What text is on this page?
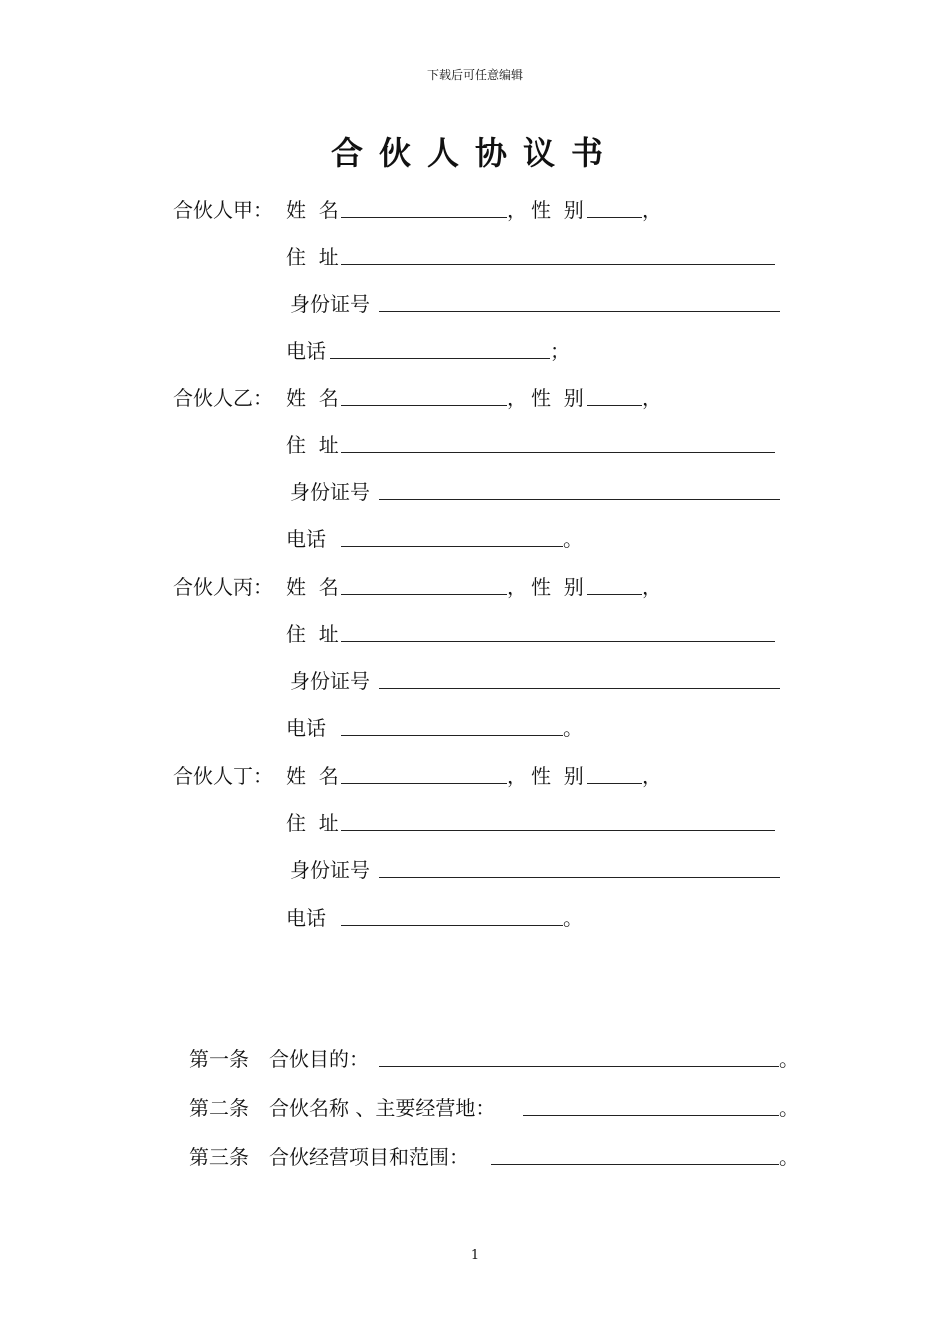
下载后可任意编辑
合伙人协议书
合伙人甲： 姓  名	， 性  别	，
住  址
身份证号
电话	；
合伙人乙： 姓  名	， 性  别	，
住  址
身份证号
电话	。
合伙人丙： 姓  名	， 性  别	，
住  址
身份证号
电话	。
合伙人丁： 姓  名	， 性  别	，
住  址
身份证号
电话	。
第一条 合伙目的：	。
第二条 合伙名称 、主要经营地：	。
第三条 合伙经营项目和范围：	。
1
